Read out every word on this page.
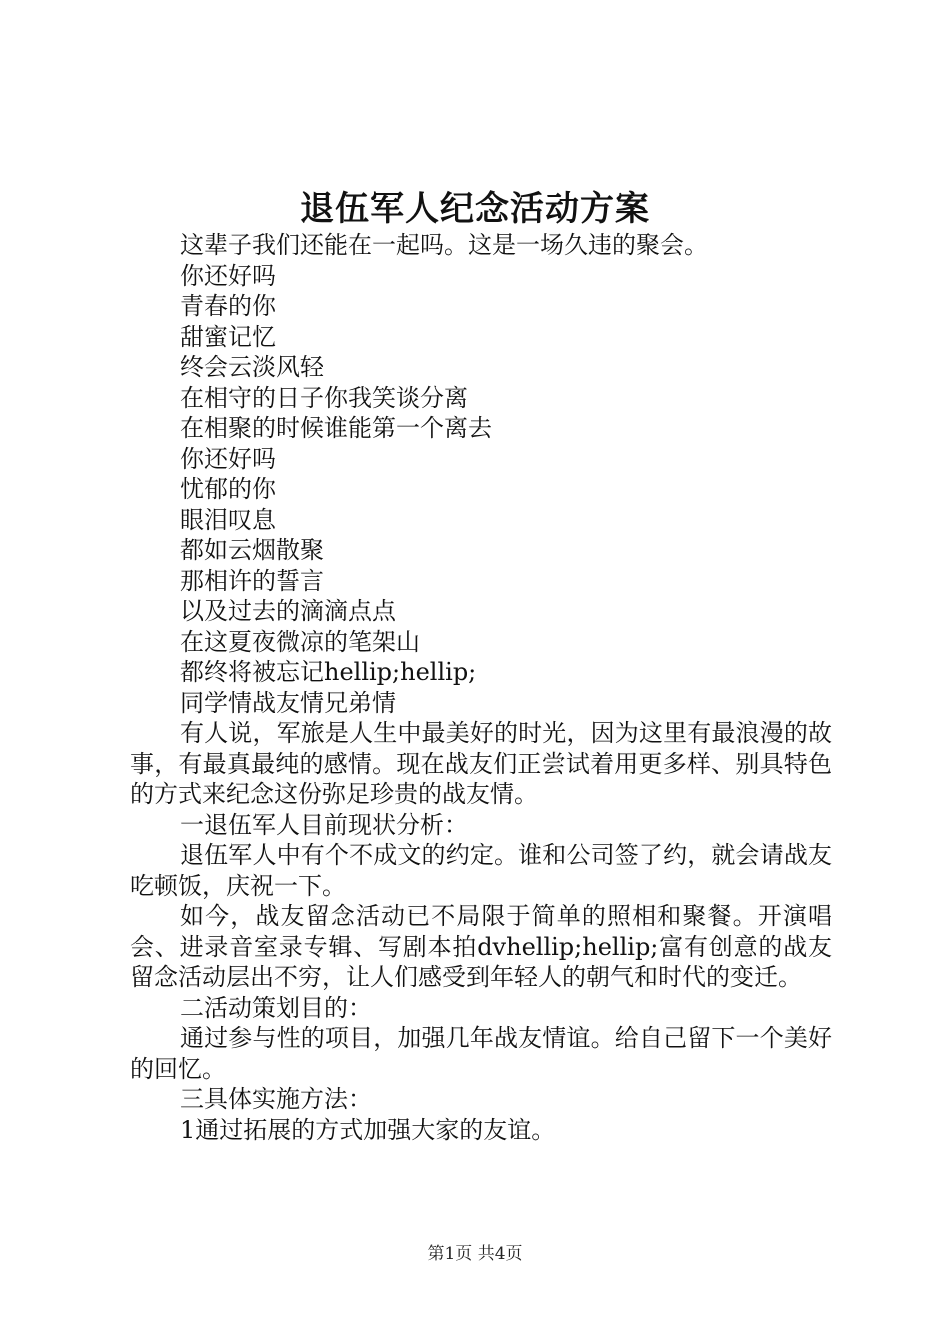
退伍军人纪念活动方案

这辈子我们还能在一起吗。这是一场久违的聚会。

你还好吗

青春的你

甜蜜记忆

终会云淡风轻

在相守的日子你我笑谈分离

在相聚的时候谁能第一个离去

你还好吗

忧郁的你

眼泪叹息

都如云烟散聚

那相许的誓言

以及过去的滴滴点点

在这夏夜微凉的笔架山

都终将被忘记hellip;hellip;

同学情战友情兄弟情

有人说，军旅是人生中最美好的时光，因为这里有最浪漫的故事，有最真最纯的感情。现在战友们正尝试着用更多样、别具特色的方式来纪念这份弥足珍贵的战友情。

一退伍军人目前现状分析：

退伍军人中有个不成文的约定。谁和公司签了约，就会请战友吃顿饭，庆祝一下。

如今，战友留念活动已不局限于简单的照相和聚餐。开演唱会、进录音室录专辑、写剧本拍dvhellip;hellip;富有创意的战友留念活动层出不穷，让人们感受到年轻人的朝气和时代的变迁。

二活动策划目的：

通过参与性的项目，加强几年战友情谊。给自己留下一个美好的回忆。

三具体实施方法：

1通过拓展的方式加强大家的友谊。

第1页 共4页
